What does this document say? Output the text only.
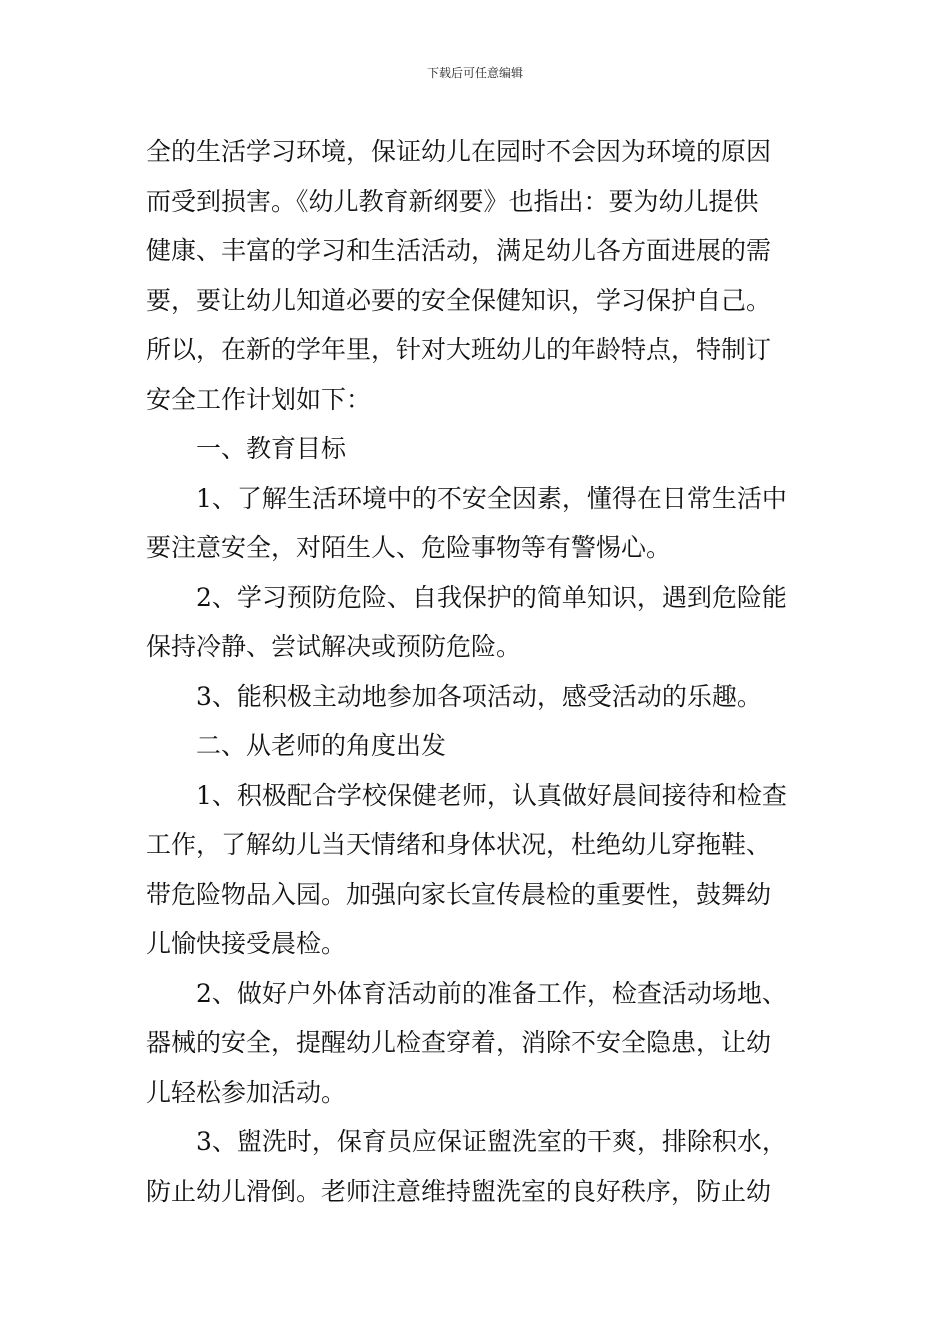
下载后可任意编辑
全的生活学习环境，保证幼儿在园时不会因为环境的原因
而受到损害。《幼儿教育新纲要》也指出：要为幼儿提供
健康、丰富的学习和生活活动，满足幼儿各方面进展的需
要，要让幼儿知道必要的安全保健知识，学习保护自己。
所以，在新的学年里，针对大班幼儿的年龄特点，特制订
安全工作计划如下：
一、教育目标
1、了解生活环境中的不安全因素，懂得在日常生活中
要注意安全，对陌生人、危险事物等有警惕心。
2、学习预防危险、自我保护的简单知识，遇到危险能
保持冷静、尝试解决或预防危险。
3、能积极主动地参加各项活动，感受活动的乐趣。
二、从老师的角度出发
1、积极配合学校保健老师，认真做好晨间接待和检查
工作，了解幼儿当天情绪和身体状况，杜绝幼儿穿拖鞋、
带危险物品入园。加强向家长宣传晨检的重要性，鼓舞幼
儿愉快接受晨检。
2、做好户外体育活动前的准备工作，检查活动场地、
器械的安全，提醒幼儿检查穿着，消除不安全隐患，让幼
儿轻松参加活动。
3、盥洗时，保育员应保证盥洗室的干爽，排除积水，
防止幼儿滑倒。老师注意维持盥洗室的良好秩序，防止幼
